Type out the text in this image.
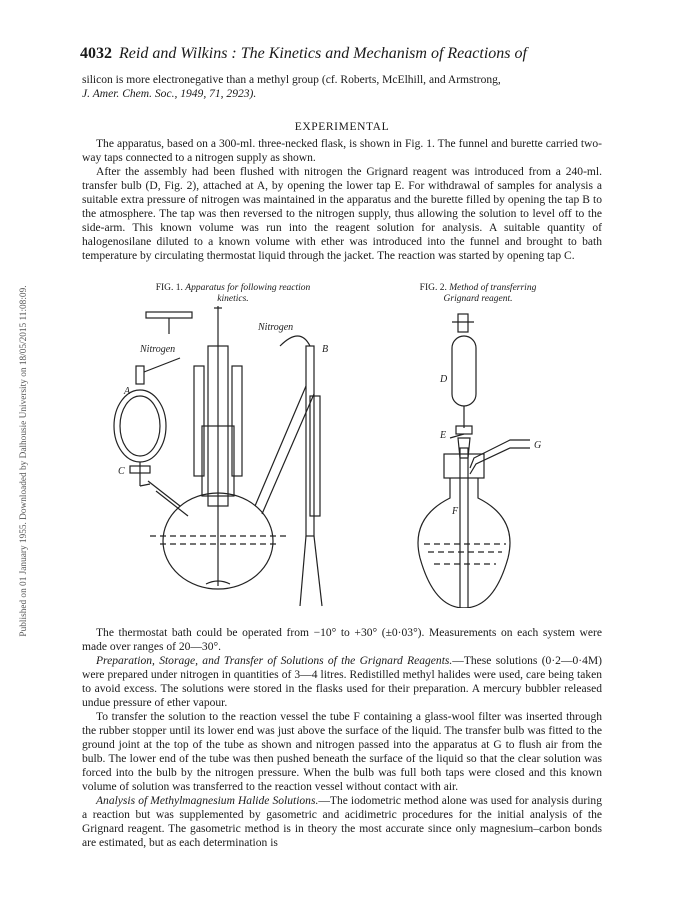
Published on 01 January 1955. Downloaded by Dalhousie University on 18/05/2015 11:08:09.
4032 Reid and Wilkins : The Kinetics and Mechanism of Reactions of

silicon is more electronegative than a methyl group (cf. Roberts, McElhill, and Armstrong,

J. Amer. Chem. Soc., 1949, 71, 2923).

EXPERIMENTAL

The apparatus, based on a 300-ml. three-necked flask, is shown in Fig. 1. The funnel and burette carried two-way taps connected to a nitrogen supply as shown.

After the assembly had been flushed with nitrogen the Grignard reagent was introduced from a 240-ml. transfer bulb (D, Fig. 2), attached at A, by opening the lower tap E. For withdrawal of samples for analysis a suitable extra pressure of nitrogen was maintained in the apparatus and the burette filled by opening the tap B to the atmosphere. The tap was then reversed to the nitrogen supply, thus allowing the solution to level off to the side-arm. This known volume was run into the reagent solution for analysis. A suitable quantity of halogenosilane diluted to a known volume with ether was introduced into the funnel and brought to bath temperature by circulating thermostat liquid through the jacket. The reaction was started by opening tap C.

FIG. 1. Apparatus for following reaction
kinetics.
FIG. 2. Method of transferring
Grignard reagent.
Nitrogen
Nitrogen
A
B
C
D
E
F
G

The thermostat bath could be operated from −10° to +30° (±0·03°). Measurements on each system were made over ranges of 20—30°.

Preparation, Storage, and Transfer of Solutions of the Grignard Reagents.—These solutions (0·2—0·4M) were prepared under nitrogen in quantities of 3—4 litres. Redistilled methyl halides were used, care being taken to avoid excess. The solutions were stored in the flasks used for their preparation. A mercury bubbler released undue pressure of ether vapour.

To transfer the solution to the reaction vessel the tube F containing a glass-wool filter was inserted through the rubber stopper until its lower end was just above the surface of the liquid. The transfer bulb was fitted to the ground joint at the top of the tube as shown and nitrogen passed into the apparatus at G to flush air from the bulb. The lower end of the tube was then pushed beneath the surface of the liquid so that the clear solution was forced into the bulb by the nitrogen pressure. When the bulb was full both taps were closed and this known volume of solution was transferred to the reaction vessel without contact with air.

Analysis of Methylmagnesium Halide Solutions.—The iodometric method alone was used for analysis during a reaction but was supplemented by gasometric and acidimetric procedures for the initial analysis of the Grignard reagent. The gasometric method is in theory the most accurate since only magnesium–carbon bonds are estimated, but as each determination is
